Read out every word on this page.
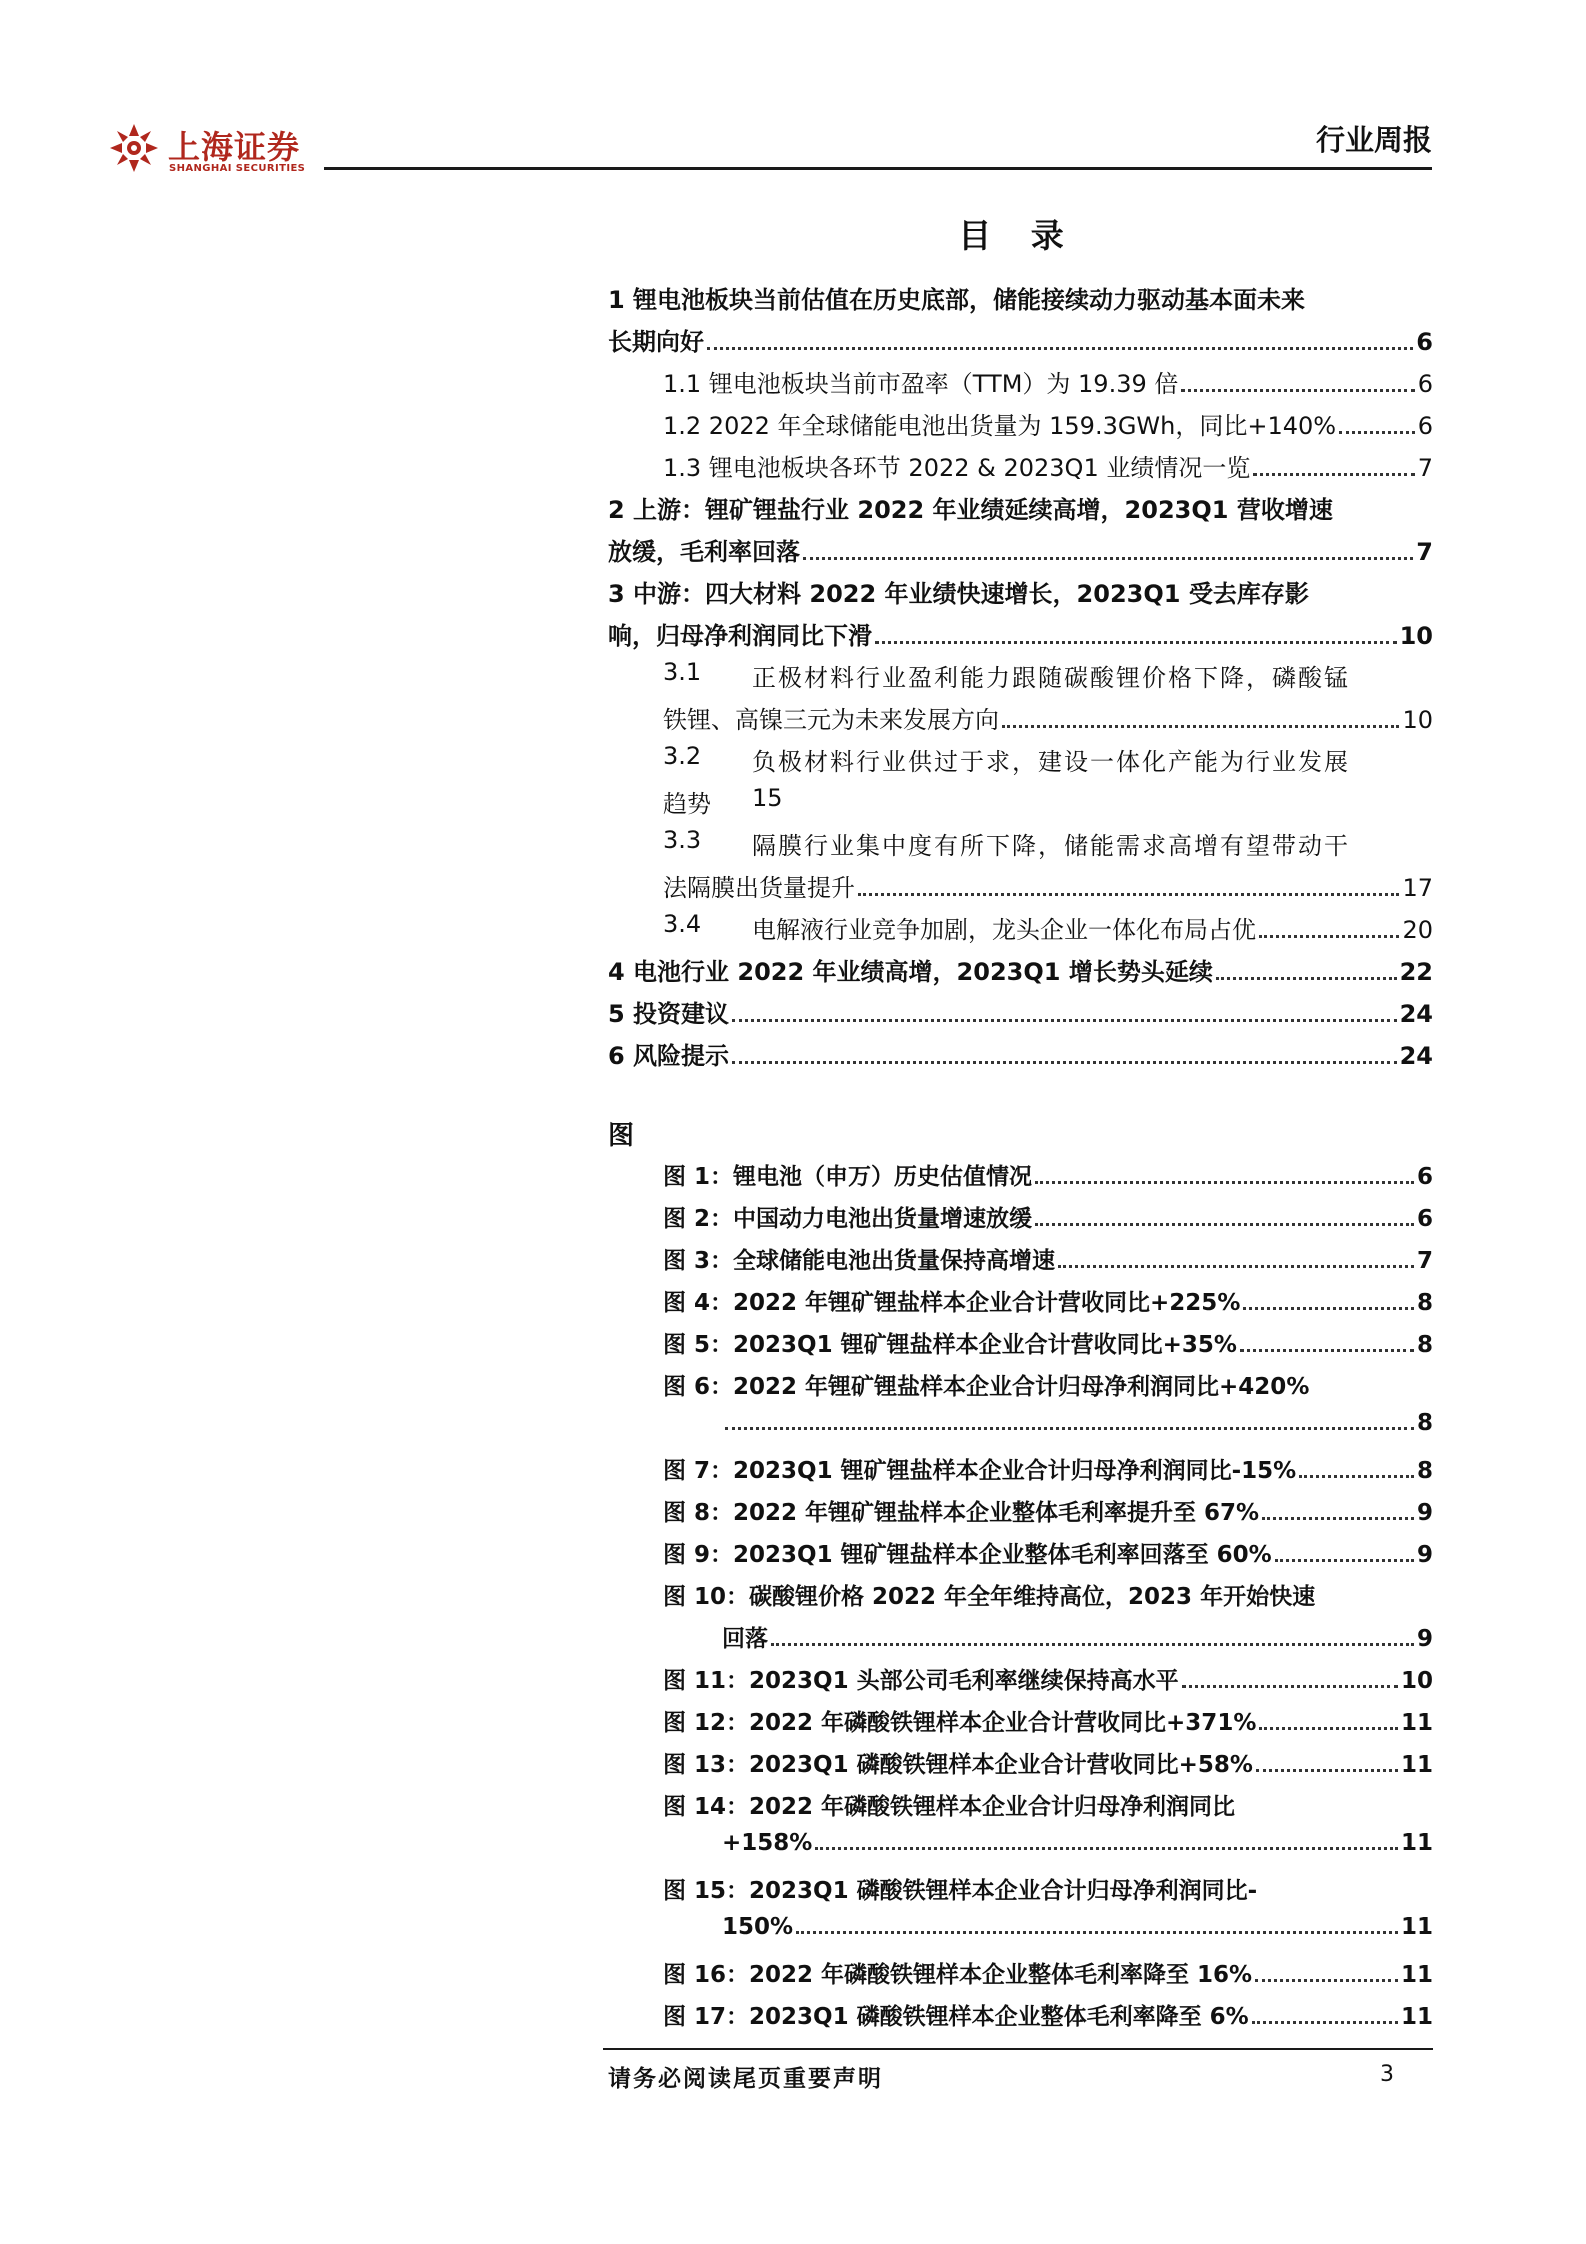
上海证券
SHANGHAI SECURITIES
行业周报
目 录
1 锂电池板块当前估值在历史底部，储能接续动力驱动基本面未来
长期向好	6
1.1 锂电池板块当前市盈率（TTM）为 19.39 倍	6
1.2 2022 年全球储能电池出货量为 159.3GWh，同比+140%	6
1.3 锂电池板块各环节 2022 & 2023Q1 业绩情况一览	7
2 上游：锂矿锂盐行业 2022 年业绩延续高增，2023Q1 营收增速
放缓，毛利率回落	7
3 中游：四大材料 2022 年业绩快速增长，2023Q1 受去库存影
响，归母净利润同比下滑	10
3.1 正极材料行业盈利能力跟随碳酸锂价格下降，磷酸锰
铁锂、高镍三元为未来发展方向	10
3.2 负极材料行业供过于求，建设一体化产能为行业发展
趋势 15
3.3 隔膜行业集中度有所下降，储能需求高增有望带动干
法隔膜出货量提升	17
3.4 电解液行业竞争加剧，龙头企业一体化布局占优	20
4 电池行业 2022 年业绩高增，2023Q1 增长势头延续	22
5 投资建议	24
6 风险提示	24
图
图 1：锂电池（申万）历史估值情况	6
图 2：中国动力电池出货量增速放缓	6
图 3：全球储能电池出货量保持高增速	7
图 4：2022 年锂矿锂盐样本企业合计营收同比+225%	8
图 5：2023Q1 锂矿锂盐样本企业合计营收同比+35%	8
图 6：2022 年锂矿锂盐样本企业合计归母净利润同比+420%
8
图 7：2023Q1 锂矿锂盐样本企业合计归母净利润同比-15%	8
图 8：2022 年锂矿锂盐样本企业整体毛利率提升至 67%	9
图 9：2023Q1 锂矿锂盐样本企业整体毛利率回落至 60%	9
图 10：碳酸锂价格 2022 年全年维持高位，2023 年开始快速
回落	9
图 11：2023Q1 头部公司毛利率继续保持高水平	10
图 12：2022 年磷酸铁锂样本企业合计营收同比+371%	11
图 13：2023Q1 磷酸铁锂样本企业合计营收同比+58%	11
图 14：2022 年磷酸铁锂样本企业合计归母净利润同比
+158%	11
图 15：2023Q1 磷酸铁锂样本企业合计归母净利润同比-
150%	11
图 16：2022 年磷酸铁锂样本企业整体毛利率降至 16%	11
图 17：2023Q1 磷酸铁锂样本企业整体毛利率降至 6%	11
请务必阅读尾页重要声明	3
